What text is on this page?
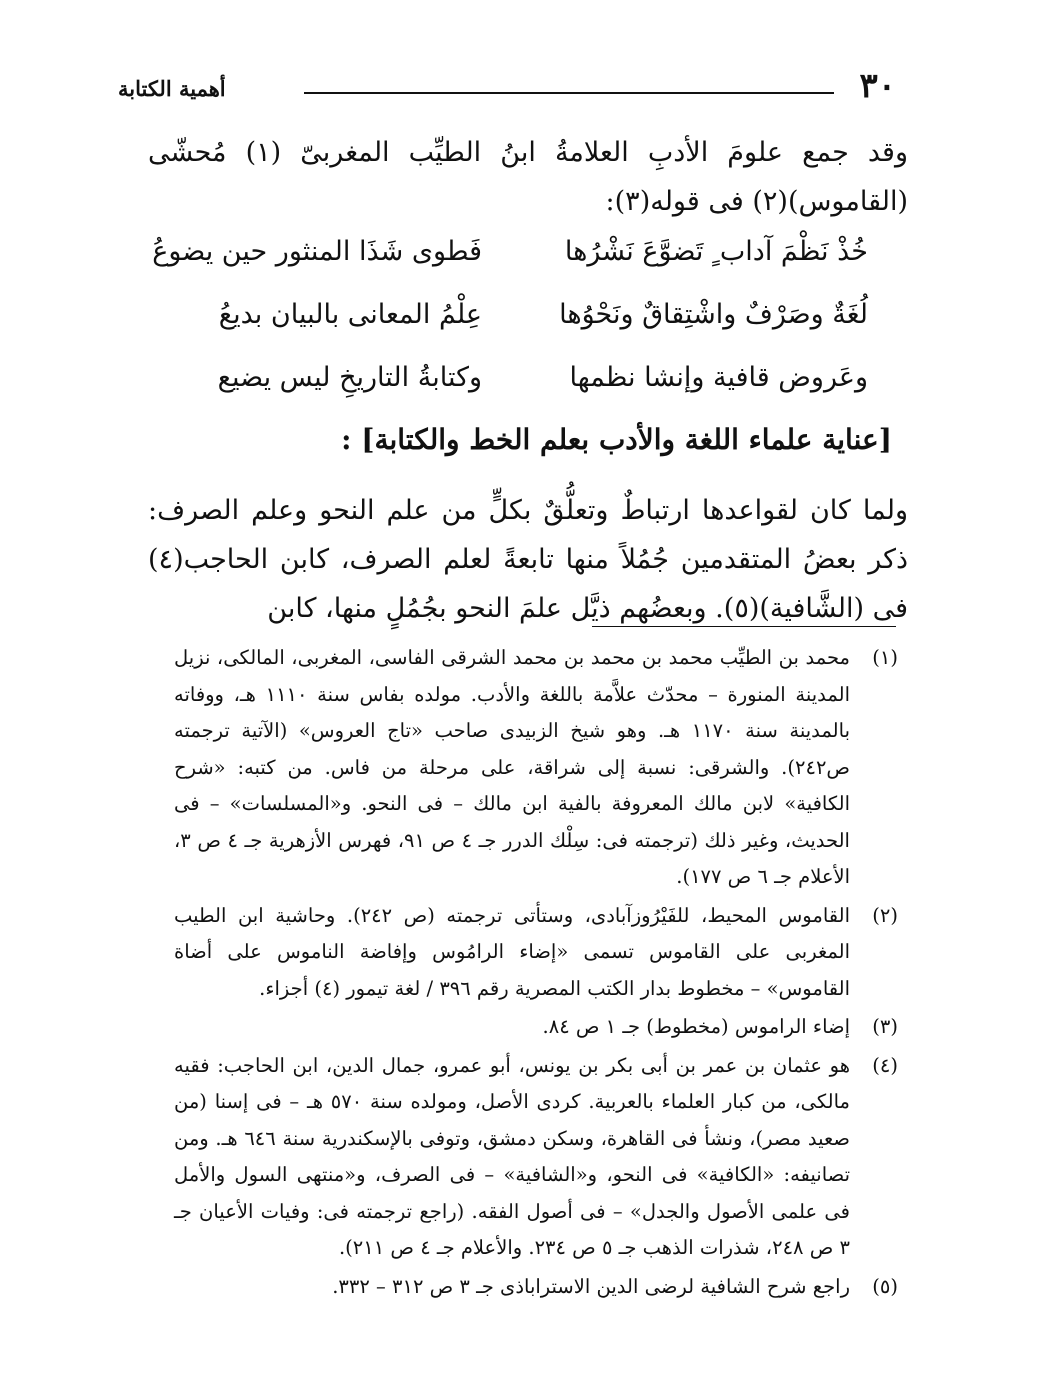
٣٠
أهمية الكتابة
وقد جمع علومَ الأدبِ العلامةُ ابنُ الطيِّب المغربىّ (١) مُحشّى (القاموس)(٢) فى قوله(٣):
خُذْ نَظْمَ آداب ٍ تَضوَّعَ نَشْرُها
فَطوى شَذَا المنثور حين يضوعُ
لُغَةٌ وصَرْفٌ واشْتِقاقٌ ونَحْوُها
عِلْمُ المعانى بالبيان بديعُ
وعَروض قافية وإنشا نظمها
وكتابةُ التاريخِ ليس يضيع
[عناية علماء اللغة والأدب بعلم الخط والكتابة] :
ولما كان لقواعدها ارتباطٌ وتعلُّقٌ بكلٍّ من علم النحو وعلم الصرف: ذكر بعضُ المتقدمين جُمُلاً منها تابعةً لعلم الصرف، كابن الحاجب(٤) فى (الشَّافية)(٥). وبعضُهم ذيَّل علمَ النحو بجُمُلٍ منها، كابن
(١)
محمد بن الطيِّب محمد بن محمد بن محمد الشرقى الفاسى، المغربى، المالكى، نزيل المدينة المنورة – محدّث علاَّمة باللغة والأدب. مولده بفاس سنة ١١١٠ هـ، ووفاته بالمدينة سنة ١١٧٠ هـ. وهو شيخ الزبيدى صاحب «تاج العروس» (الآتية ترجمته ص٢٤٢). والشرقى: نسبة إلى شراقة، على مرحلة من فاس. من كتبه: «شرح الكافية» لابن مالك المعروفة بالفية ابن مالك – فى النحو. و«المسلسات» – فى الحديث، وغير ذلك (ترجمته فى: سِلْك الدرر جـ ٤ ص ٩١، فهرس الأزهرية جـ ٤ ص ٣، الأعلام جـ ٦ ص ١٧٧).
(٢)
القاموس المحيط، للفَيْرُوزآبادى، وستأتى ترجمته (ص ٢٤٢). وحاشية ابن الطيب المغربى على القاموس تسمى «إضاء الرامُوس وإفاضة الناموس على أضاة القاموس» – مخطوط بدار الكتب المصرية رقم ٣٩٦ / لغة تيمور (٤) أجزاء.
(٣)
إضاء الراموس (مخطوط) جـ ١ ص ٨٤.
(٤)
هو عثمان بن عمر بن أبى بكر بن يونس، أبو عمرو، جمال الدين، ابن الحاجب: فقيه مالكى، من كبار العلماء بالعربية. كردى الأصل، ومولده سنة ٥٧٠ هـ – فى إسنا (من صعيد مصر)، ونشأ فى القاهرة، وسكن دمشق، وتوفى بالإسكندرية سنة ٦٤٦ هـ. ومن تصانيفه: «الكافية» فى النحو، و«الشافية» – فى الصرف، و«منتهى السول والأمل فى علمى الأصول والجدل» – فى أصول الفقه. (راجع ترجمته فى: وفيات الأعيان جـ ٣ ص ٢٤٨، شذرات الذهب جـ ٥ ص ٢٣٤. والأعلام جـ ٤ ص ٢١١).
(٥)
راجع شرح الشافية لرضى الدين الاستراباذى جـ ٣ ص ٣١٢ – ٣٣٢.
